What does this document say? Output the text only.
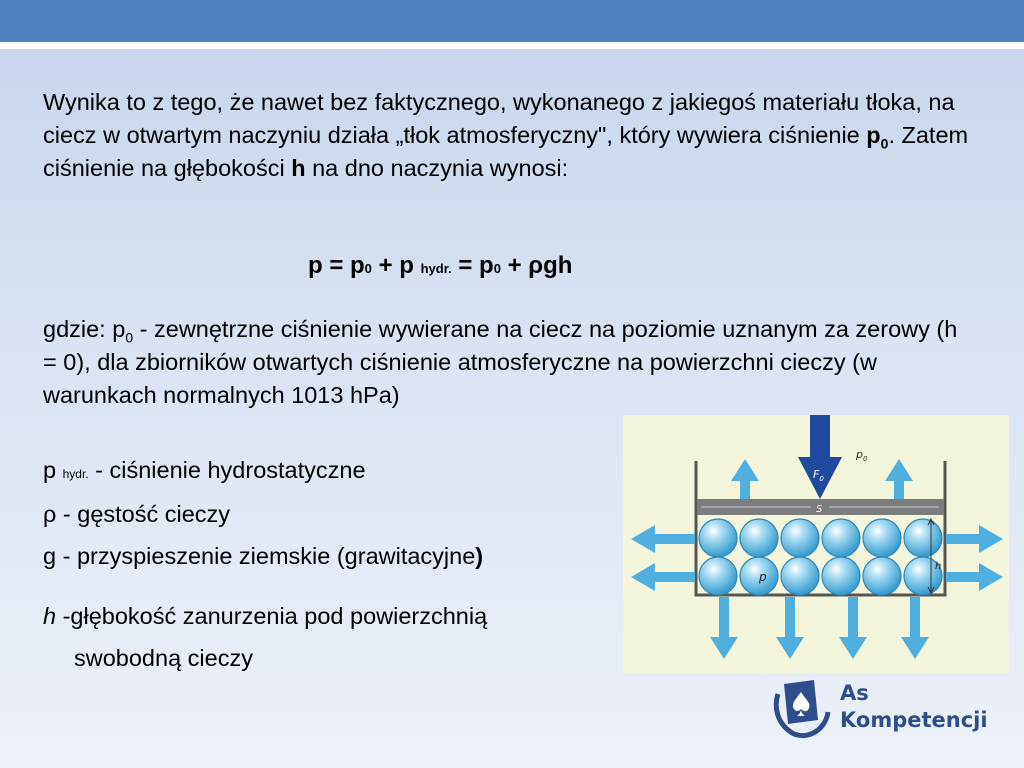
Wynika to z tego, że nawet bez faktycznego, wykonanego z jakiegoś materiału tłoka, na ciecz w otwartym naczyniu działa „tłok atmosferyczny", który wywiera ciśnienie $p_0$. Zatem ciśnienie na głębokości h na dno naczynia wynosi:

p = p0 + p hydr. = p0 + ρgh
gdzie: $p_0$ - zewnętrzne ciśnienie wywierane na ciecz na poziomie uznanym za zerowy (h = 0), dla zbiorników otwartych ciśnienie atmosferyczne na powierzchni cieczy (w warunkach normalnych 1013 hPa)
p hydr. - ciśnienie hydrostatyczne
ρ - gęstość cieczy
g - przyspieszenie ziemskie (grawitacyjne)
h -głębokość zanurzenia pod powierzchnią
swobodną cieczy
$p_0$
$F_0$
S
p
h
As
Kompetencji
